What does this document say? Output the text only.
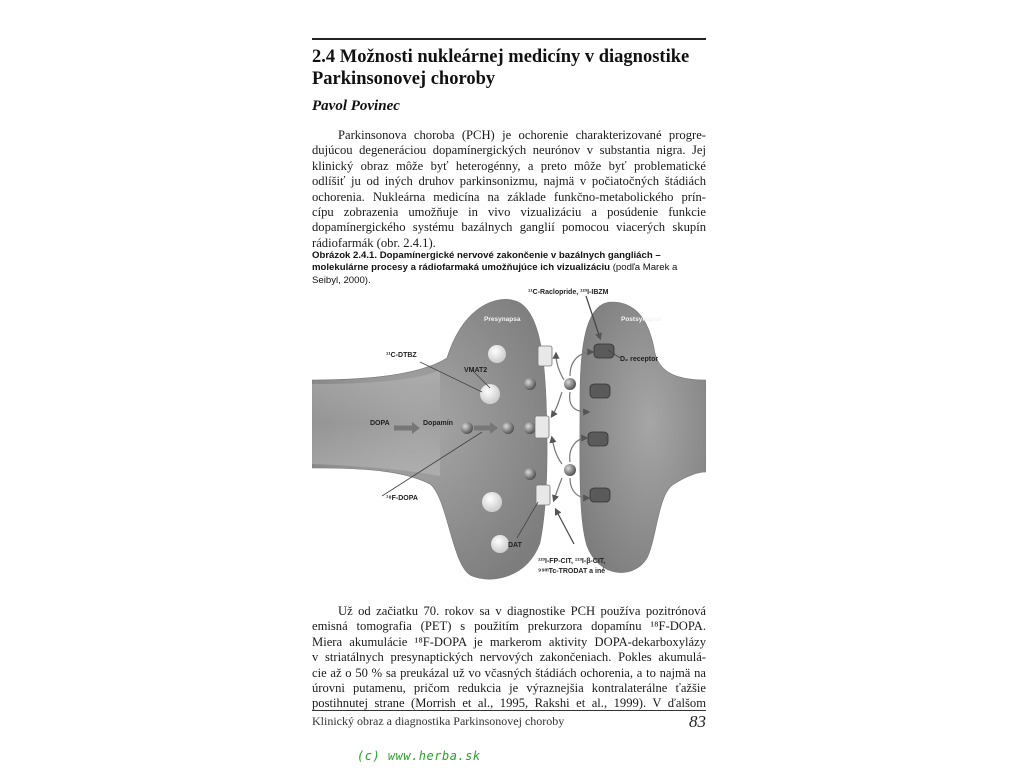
2.4 Možnosti nukleárnej medicíny v diagnostike
Parkinsonovej choroby

Pavol Povinec

Parkinsonova choroba (PCH) je ochorenie charakterizované progre-
dujúcou degeneráciou dopamínergických neurónov v substantia nigra. Jej
klinický obraz môže byť heterogénny, a preto môže byť problematické
odlíšiť ju od iných druhov parkinsonizmu, najmä v počiatočných štádiách
ochorenia. Nukleárna medicína na základe funkčno-metabolického prín-
cípu zobrazenia umožňuje in vivo vizualizáciu a posúdenie funkcie
dopamínergického systému bazálnych ganglií pomocou viacerých skupín
rádiofarmák (obr. 2.4.1).

Obrázok 2.4.1. Dopamínergické nervové zakončenie v bazálnych gangliách – molekulárne procesy a rádiofarmaká umožňujúce ich vizualizáciu (podľa Marek a Seibyl, 2000).

Presynapsa	Postsynapsa
DOPA	Dopamín
¹¹C-Raclopride, ¹²³I-IBZM
¹¹C-DTBZ
VMAT2
D₂ receptor
¹⁸F-DOPA
DAT
¹²³I-FP-CIT, ¹²³I-β-CIT,
⁹⁹ᵐTc-TRODAT a iné
Už od začiatku 70. rokov sa v diagnostike PCH používa pozitrónová
emisná tomografia (PET) s použitím prekurzora dopamínu ¹⁸F-DOPA.
Miera akumulácie ¹⁸F-DOPA je markerom aktivity DOPA-dekarboxylázy
v striatálnych presynaptických nervových zakončeniach. Pokles akumulá-
cie až o 50 % sa preukázal už vo včasných štádiách ochorenia, a to najmä na
úrovni putamenu, pričom redukcia je výraznejšia kontralaterálne ťažšie
postihnutej strane (Morrish et al., 1995, Rakshi et al., 1999). V ďalšom
Klinický obraz a diagnostika Parkinsonovej choroby	83

(c) www.herba.sk
